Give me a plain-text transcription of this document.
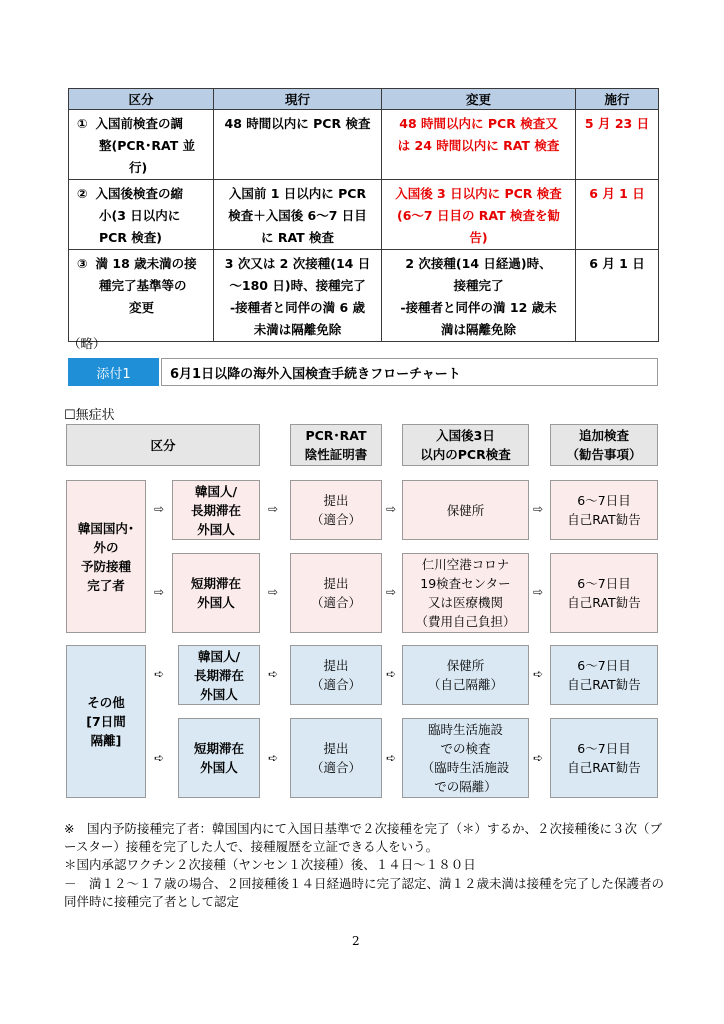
区分	現行	変更	施行
① 入国前検査の調
整(PCR･RAT 並
行)	48 時間以内に PCR 検査	48 時間以内に PCR 検査又
は 24 時間以内に RAT 検査	5 月 23 日
② 入国後検査の縮
小(3 日以内に
PCR 検査)	入国前 1 日以内に PCR
検査＋入国後 6～7 日目
に RAT 検査	入国後 3 日以内に PCR 検査
(6～7 日目の RAT 検査を勧
告)	6 月 1 日
③ 満 18 歳未満の接
種完了基準等の
変更	3 次又は 2 次接種(14 日
～180 日)時、接種完了
-接種者と同伴の満 6 歳
未満は隔離免除	2 次接種(14 日経過)時、
接種完了
-接種者と同伴の満 12 歳未
満は隔離免除	6 月 1 日
（略）
添付1	6月1日以降の海外入国検査手続きフローチャート
☐無症状
区分
PCR･RAT
陰性証明書
入国後3日
以内のPCR検査
追加検査
（勧告事項）
韓国国内･
外の
予防接種
完了者
⇨
韓国人/
長期滞在
外国人
⇨
提出
（適合）
⇨	保健所	⇨
6～7日目
自己RAT勧告
⇨
短期滞在
外国人
⇨
提出
（適合）
⇨
仁川空港コロナ
19検査センター
又は医療機関
（費用自己負担）
⇨
6～7日目
自己RAT勧告
その他
[7日間
隔離]
➪
韓国人/
長期滞在
外国人
➪
提出
（適合）
➪
保健所
（自己隔離）
➪
6～7日目
自己RAT勧告
➪
短期滞在
外国人
➪
提出
（適合）
➪
臨時生活施設
での検査
（臨時生活施設
での隔離）
➪
6～7日目
自己RAT勧告
※　国内予防接種完了者：韓国国内にて入国日基準で２次接種を完了（＊）するか、２次接種後に３次（ブースター）接種を完了した人で、接種履歴を立証できる人をいう。
＊国内承認ワクチン２次接種（ヤンセン１次接種）後、１４日～１８０日
－　満１２～１７歳の場合、２回接種後１４日経過時に完了認定、満１２歳未満は接種を完了した保護者の同伴時に接種完了者として認定
2
